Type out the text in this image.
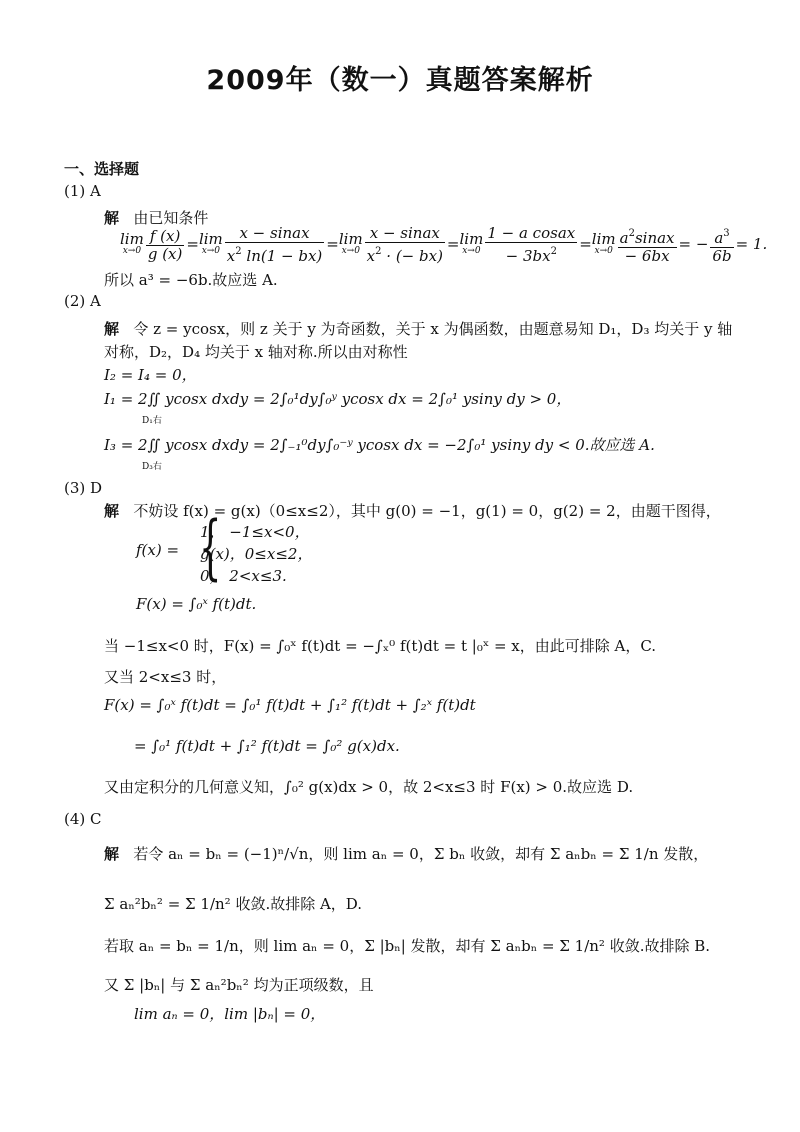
2009年（数一）真题答案解析
一、选择题
(1) A
解 由已知条件
lim
$x\to 0 \frac{f (x)}{g (x)} =\lim$
$x\to 0 \frac{\text{x − sinax}}{x^2 \ln(1 - bx)} =\lim$
$x\to 0 \frac{\text{x − sinax}}{x^2 \cdot (- bx)} =\lim$
$x\to 0 \frac{\text{1 − a cosax}}{- 3bx^2} =\lim$
$x\to 0 \frac{a^2sinax}{- 6bx}$ = − $\frac{a^3}{6b} = 1$.
所以 a³ = −6b.故应选 A.
(2) A
解 令 z = ycosx，则 z 关于 y 为奇函数，关于 x 为偶函数，由题意易知 D₁，D₃ 均关于 y 轴
对称，D₂，D₄ 均关于 x 轴对称.所以由对称性
I₂ = I₄ = 0，
I₁ = 2∬ ycosx dxdy = 2∫₀¹dy∫₀ʸ ycosx dx = 2∫₀¹ ysiny dy > 0，
D₁右
I₃ = 2∬ ycosx dxdy = 2∫₋₁⁰dy∫₀⁻ʸ ycosx dx = −2∫₀¹ ysiny dy < 0.故应选 A.
D₃右
(3) D
解 不妨设 f(x) = g(x)（0≤x≤2），其中 g(0) = −1，g(1) = 0，g(2) = 2，由题干图得，
f(x) = {
1， −1≤x<0，
g(x)，0≤x≤2，
0， 2<x≤3.
F(x) = ∫₀ˣ f(t)dt.
当 −1≤x<0 时，F(x) = ∫₀ˣ f(t)dt = −∫ₓ⁰ f(t)dt = t |₀ˣ = x，由此可排除 A，C.
又当 2<x≤3 时，
F(x) = ∫₀ˣ f(t)dt = ∫₀¹ f(t)dt + ∫₁² f(t)dt + ∫₂ˣ f(t)dt
= ∫₀¹ f(t)dt + ∫₁² f(t)dt = ∫₀² g(x)dx.
又由定积分的几何意义知，∫₀² g(x)dx > 0，故 2<x≤3 时 F(x) > 0.故应选 D.
(4) C
解 若令 aₙ = bₙ = (−1)ⁿ/√n，则 lim aₙ = 0，Σ bₙ 收敛，却有 Σ aₙbₙ = Σ 1/n 发散，
Σ aₙ²bₙ² = Σ 1/n² 收敛.故排除 A，D.
若取 aₙ = bₙ = 1/n，则 lim aₙ = 0，Σ |bₙ| 发散，却有 Σ aₙbₙ = Σ 1/n² 收敛.故排除 B.
又 Σ |bₙ| 与 Σ aₙ²bₙ² 均为正项级数，且
lim aₙ = 0，lim |bₙ| = 0，
